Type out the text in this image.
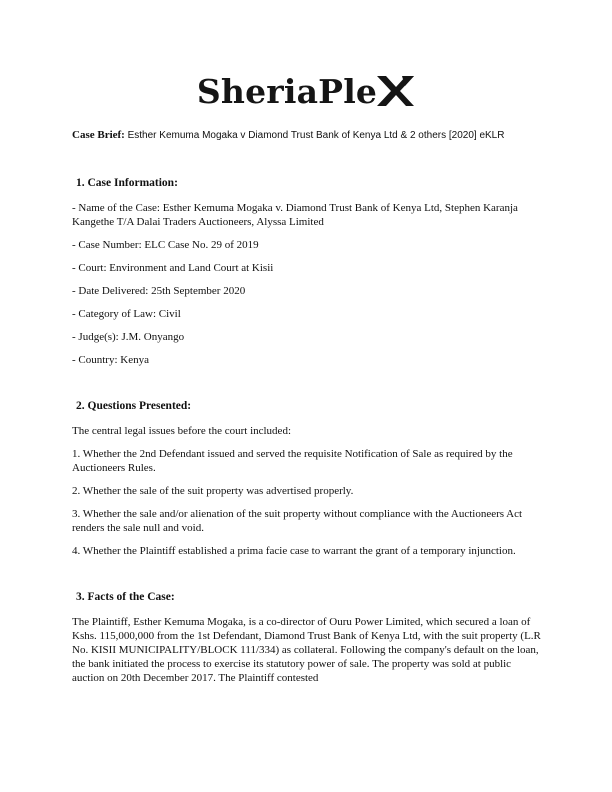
SheriaPle

Case Brief: Esther Kemuma Mogaka v Diamond Trust Bank of Kenya Ltd & 2 others [2020] eKLR

1. Case Information:

- Name of the Case: Esther Kemuma Mogaka v. Diamond Trust Bank of Kenya Ltd, Stephen Karanja Kangethe T/A Dalai Traders Auctioneers, Alyssa Limited

- Case Number: ELC Case No. 29 of 2019

- Court: Environment and Land Court at Kisii

- Date Delivered: 25th September 2020

- Category of Law: Civil

- Judge(s): J.M. Onyango

- Country: Kenya

2. Questions Presented:

The central legal issues before the court included:

1. Whether the 2nd Defendant issued and served the requisite Notification of Sale as required by the Auctioneers Rules.

2. Whether the sale of the suit property was advertised properly.

3. Whether the sale and/or alienation of the suit property without compliance with the Auctioneers Act renders the sale null and void.

4. Whether the Plaintiff established a prima facie case to warrant the grant of a temporary injunction.

3. Facts of the Case:

The Plaintiff, Esther Kemuma Mogaka, is a co-director of Ouru Power Limited, which secured a loan of Kshs. 115,000,000 from the 1st Defendant, Diamond Trust Bank of Kenya Ltd, with the suit property (L.R No. KISII MUNICIPALITY/BLOCK 111/334) as collateral. Following the company's default on the loan, the bank initiated the process to exercise its statutory power of sale. The property was sold at public auction on 20th December 2017. The Plaintiff contested
